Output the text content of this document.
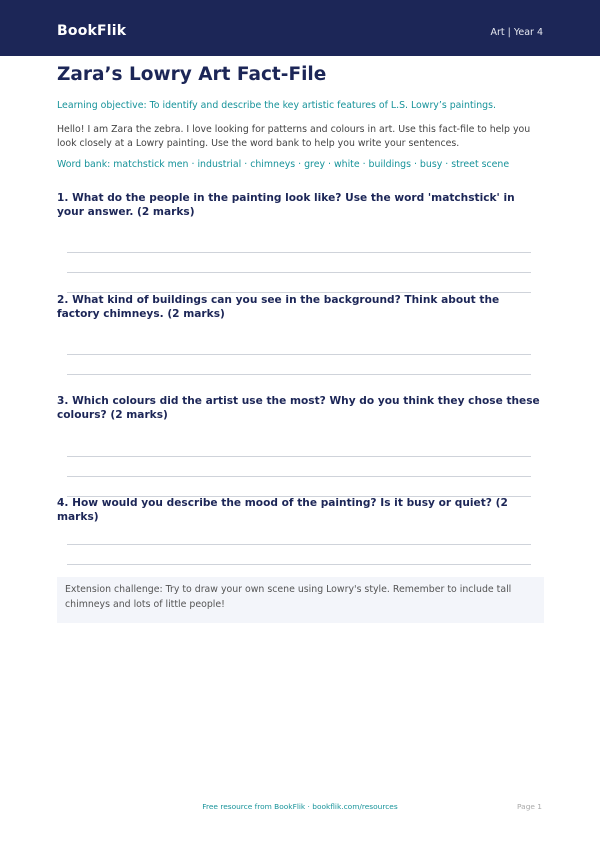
BookFlik	Art | Year 4
Zara’s Lowry Art Fact-File
Learning objective: To identify and describe the key artistic features of L.S. Lowry’s paintings.
Hello! I am Zara the zebra. I love looking for patterns and colours in art. Use this fact-file to help you look closely at a Lowry painting. Use the word bank to help you write your sentences.
Word bank: matchstick men · industrial · chimneys · grey · white · buildings · busy · street scene
1. What do the people in the painting look like? Use the word 'matchstick' in your answer. (2 marks)
2. What kind of buildings can you see in the background? Think about the factory chimneys. (2 marks)
3. Which colours did the artist use the most? Why do you think they chose these colours? (2 marks)
4. How would you describe the mood of the painting? Is it busy or quiet? (2 marks)
Extension challenge: Try to draw your own scene using Lowry's style. Remember to include tall chimneys and lots of little people!
Free resource from BookFlik · bookflik.com/resources	Page 1
